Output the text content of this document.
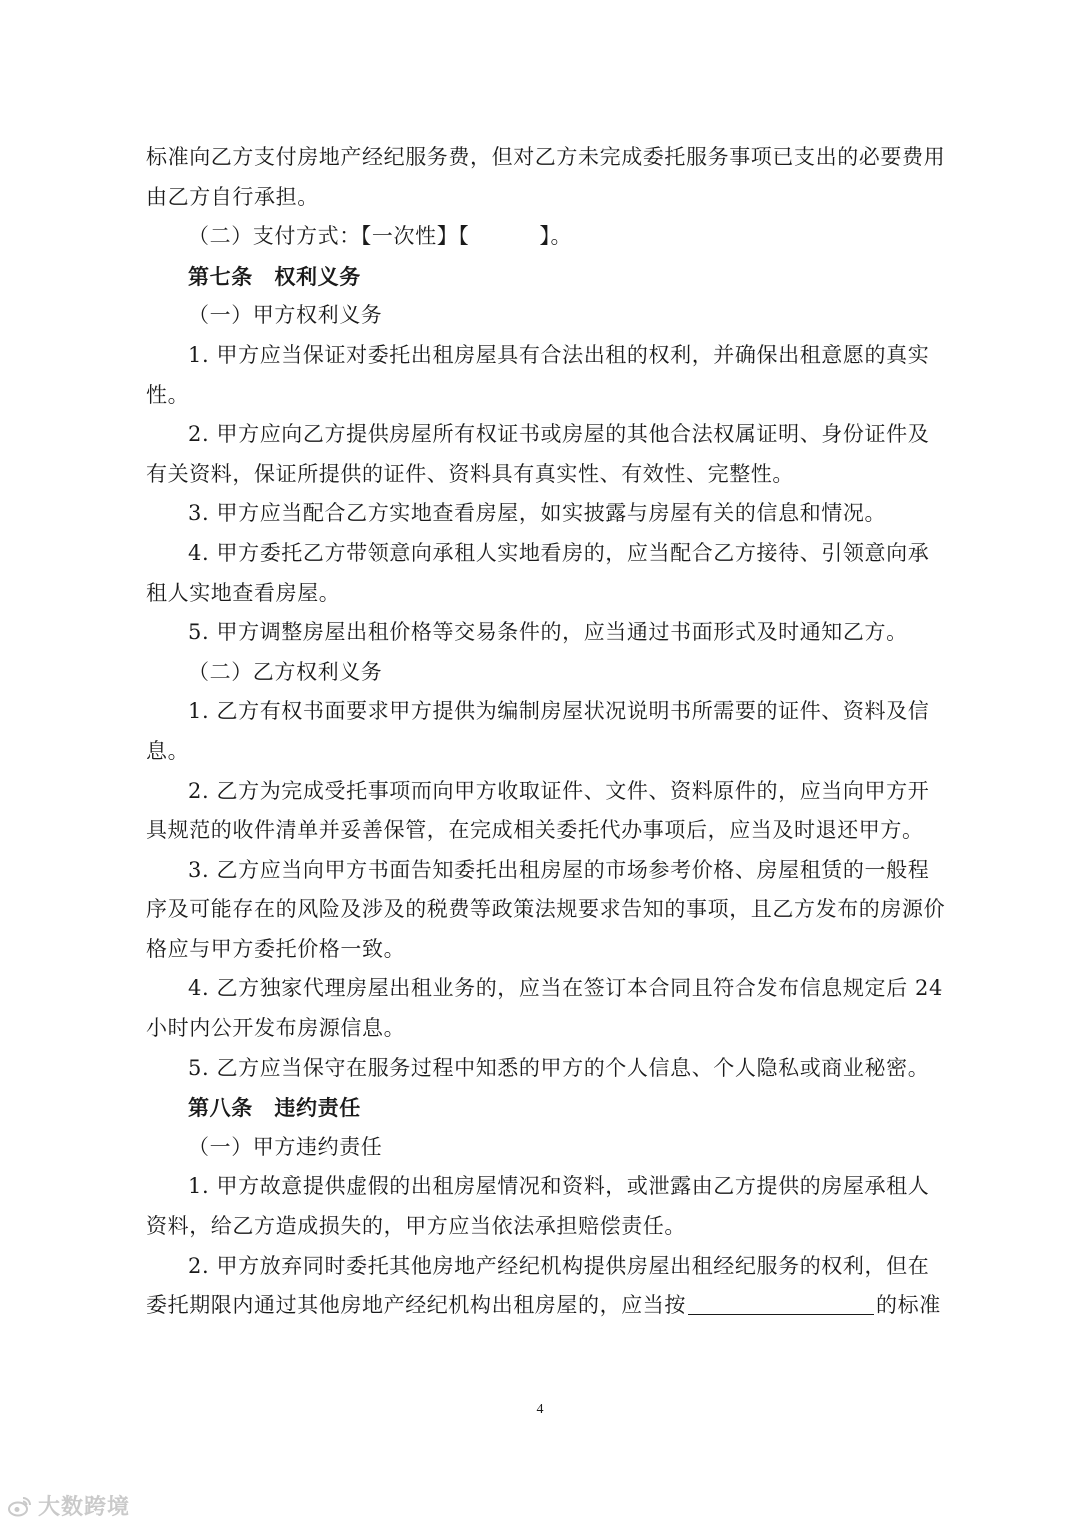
标准向乙方支付房地产经纪服务费，但对乙方未完成委托服务事项已支出的必要费用
由乙方自行承担。
（二）支付方式：【一次性】【	】。
第七条　权利义务
（一）甲方权利义务
1. 甲方应当保证对委托出租房屋具有合法出租的权利，并确保出租意愿的真实
性。
2. 甲方应向乙方提供房屋所有权证书或房屋的其他合法权属证明、身份证件及
有关资料，保证所提供的证件、资料具有真实性、有效性、完整性。
3. 甲方应当配合乙方实地查看房屋，如实披露与房屋有关的信息和情况。
4. 甲方委托乙方带领意向承租人实地看房的，应当配合乙方接待、引领意向承
租人实地查看房屋。
5. 甲方调整房屋出租价格等交易条件的，应当通过书面形式及时通知乙方。
（二）乙方权利义务
1. 乙方有权书面要求甲方提供为编制房屋状况说明书所需要的证件、资料及信
息。
2. 乙方为完成受托事项而向甲方收取证件、文件、资料原件的，应当向甲方开
具规范的收件清单并妥善保管，在完成相关委托代办事项后，应当及时退还甲方。
3. 乙方应当向甲方书面告知委托出租房屋的市场参考价格、房屋租赁的一般程
序及可能存在的风险及涉及的税费等政策法规要求告知的事项，且乙方发布的房源价
格应与甲方委托价格一致。
4. 乙方独家代理房屋出租业务的，应当在签订本合同且符合发布信息规定后 24
小时内公开发布房源信息。
5. 乙方应当保守在服务过程中知悉的甲方的个人信息、个人隐私或商业秘密。
第八条　违约责任
（一）甲方违约责任
1. 甲方故意提供虚假的出租房屋情况和资料，或泄露由乙方提供的房屋承租人
资料，给乙方造成损失的，甲方应当依法承担赔偿责任。
2. 甲方放弃同时委托其他房地产经纪机构提供房屋出租经纪服务的权利，但在
委托期限内通过其他房地产经纪机构出租房屋的，应当按	的标准
4
大数跨境
